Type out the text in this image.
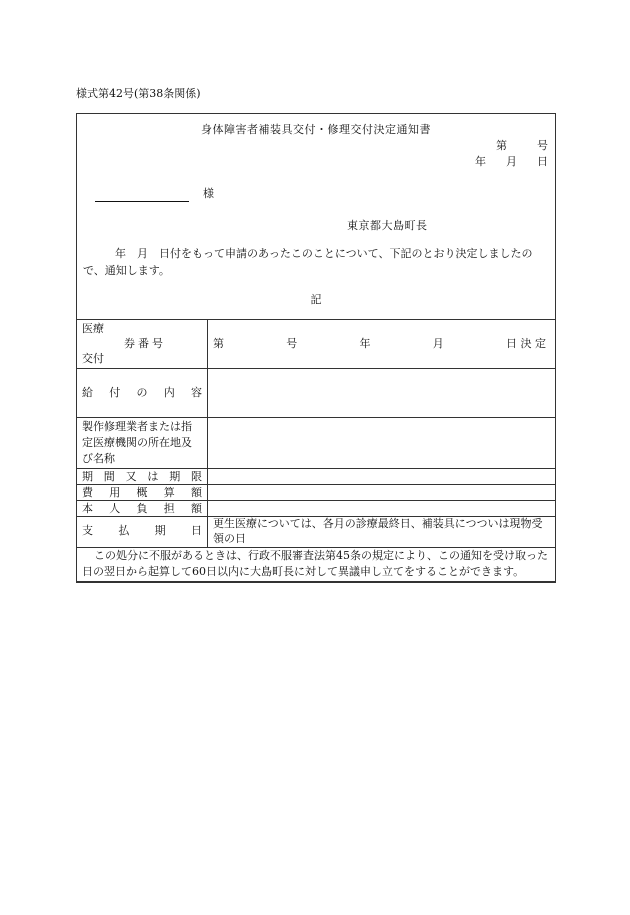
様式第42号(第38条関係)
身体障害者補装具交付・修理交付決定通知書
第	号
年 月 日
様
東京都大島町長
年　月　日付をもって申請のあったこのことについて、下記のとおり決定しましたので、通知します。
記
医療
券番号
交付	第 号 年 月 日 決 定

給付の内容	
製作修理業者または指定医療機関の所在地及び名称	
期間又は期限	
費用概算額	
本人負担額	
支払期日	更生医療については、各月の診療最終日、補装具につついは現物受領の日
この処分に不服があるときは、行政不服審査法第45条の規定により、この通知を受け取った日の翌日から起算して60日以内に大島町長に対して異議申し立てをすることができます。	
